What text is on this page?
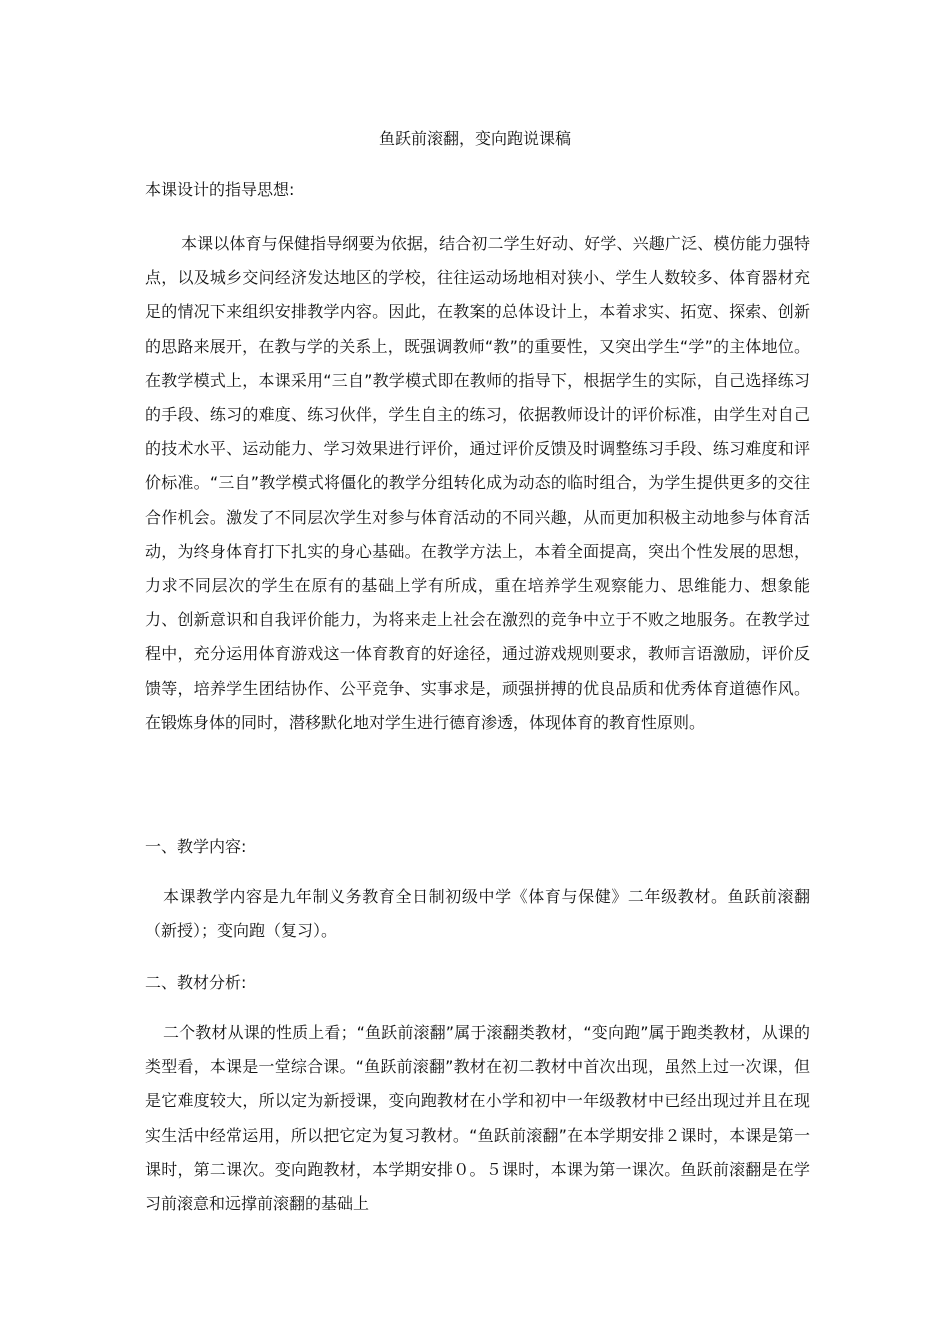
鱼跃前滚翻，变向跑说课稿
本课设计的指导思想:
本课以体育与保健指导纲要为依据，结合初二学生好动、好学、兴趣广泛、模仿能力强特点，以及城乡交问经济发达地区的学校，往往运动场地相对狭小、学生人数较多、体育器材充足的情况下来组织安排教学内容。因此，在教案的总体设计上，本着求实、拓宽、探索、创新的思路来展开，在教与学的关系上，既强调教师“教”的重要性，又突出学生“学”的主体地位。在教学模式上，本课采用“三自”教学模式即在教师的指导下，根据学生的实际，自己选择练习的手段、练习的难度、练习伙伴，学生自主的练习，依据教师设计的评价标准，由学生对自己的技术水平、运动能力、学习效果进行评价，通过评价反馈及时调整练习手段、练习难度和评价标准。“三自”教学模式将僵化的教学分组转化成为动态的临时组合，为学生提供更多的交往合作机会。激发了不同层次学生对参与体育活动的不同兴趣，从而更加积极主动地参与体育活动，为终身体育打下扎实的身心基础。在教学方法上，本着全面提高，突出个性发展的思想，力求不同层次的学生在原有的基础上学有所成，重在培养学生观察能力、思维能力、想象能力、创新意识和自我评价能力，为将来走上社会在激烈的竞争中立于不败之地服务。在教学过程中，充分运用体育游戏这一体育教育的好途径，通过游戏规则要求，教师言语激励，评价反馈等，培养学生团结协作、公平竞争、实事求是，顽强拼搏的优良品质和优秀体育道德作风。在锻炼身体的同时，潜移默化地对学生进行德育渗透，体现体育的教育性原则。
一、教学内容:
本课教学内容是九年制义务教育全日制初级中学《体育与保健》二年级教材。鱼跃前滚翻（新授）；变向跑（复习）。
二、教材分析:
二个教材从课的性质上看；“鱼跃前滚翻”属于滚翻类教材，“变向跑”属于跑类教材，从课的类型看，本课是一堂综合课。“鱼跃前滚翻”教材在初二教材中首次出现，虽然上过一次课，但是它难度较大，所以定为新授课，变向跑教材在小学和初中一年级教材中已经出现过并且在现实生活中经常运用，所以把它定为复习教材。“鱼跃前滚翻”在本学期安排２课时，本课是第一课时，第二课次。变向跑教材，本学期安排０。５课时，本课为第一课次。鱼跃前滚翻是在学习前滚意和远撑前滚翻的基础上
